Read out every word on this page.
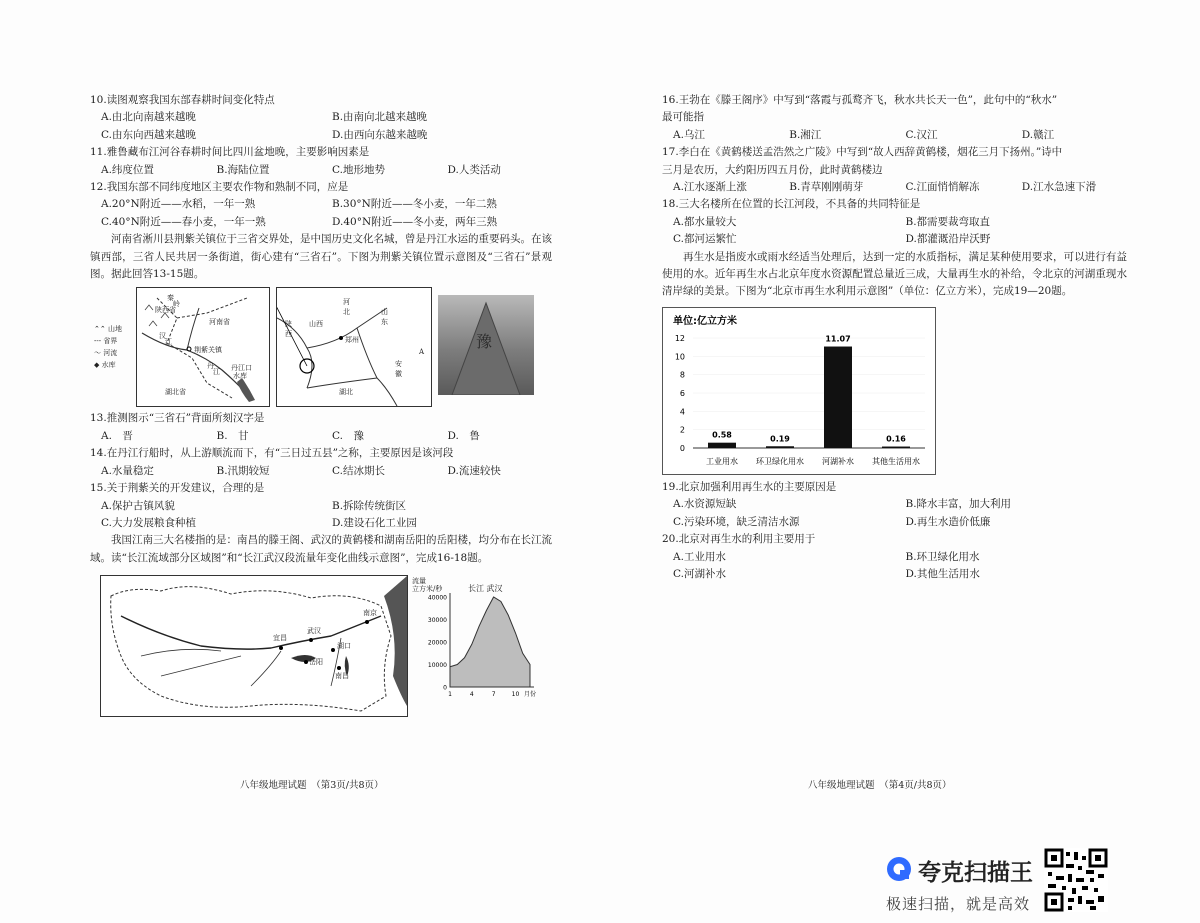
10.读图观察我国东部春耕时间变化特点
A.由北向南越来越晚	B.由南向北越来越晚
C.由东向西越来越晚	D.由西向东越来越晚
11.雅鲁藏布江河谷春耕时间比四川盆地晚，主要影响因素是
A.纬度位置	B.海陆位置	C.地形地势	D.人类活动
12.我国东部不同纬度地区主要农作物和熟制不同，应是
A.20°N附近——水稻，一年一熟	B.30°N附近——冬小麦，一年二熟
C.40°N附近——春小麦，一年一熟	D.40°N附近——冬小麦，两年三熟
河南省淅川县荆紫关镇位于三省交界处，是中国历史文化名城，曾是丹江水运的重要码头。在该镇西部，三省人民共居一条街道，街心建有“三省石”。下图为荆紫关镇位置示意图及“三省石”景观图。据此回答13-15题。
陕西省
河南省
秦
岭
汉
江
荆紫关镇
丹
江 丹江口
水库
湖北省
⌃⌃ 山地
--- 省界
～ 河流
◆ 水库
陕
西
山西
河
北	山
东
郑州
A
安
徽
湖北
豫
13.推测图示“三省石”背面所刻汉字是
A.　晋	B.　甘	C.　豫	D.　鲁
14.在丹江行船时，从上游顺流而下，有“三日过五县”之称，主要原因是该河段
A.水量稳定	B.汛期较短	C.结冰期长	D.流速较快
15.关于荆紫关的开发建议，合理的是
A.保护古镇风貌	B.拆除传统街区
C.大力发展粮食种植	D.建设石化工业园
我国江南三大名楼指的是：南昌的滕王阁、武汉的黄鹤楼和湖南岳阳的岳阳楼，均分布在长江流域。读“长江流域部分区域图”和“长江武汉段流量年变化曲线示意图”，完成16-18题。
宜昌
武汉
岳阳
南京
湖口
南昌
流量
立方米/秒	长江 武汉
0
10000
20000
30000
40000
1	4	7	10 月份
八年级地理试题　（第3页/共8页）
16.王勃在《滕王阁序》中写到“落霞与孤鹜齐飞，秋水共长天一色”，此句中的“秋水”
最可能指
A.乌江	B.湘江	C.汉江	D.赣江
17.李白在《黄鹤楼送孟浩然之广陵》中写到“故人西辞黄鹤楼，烟花三月下扬州。”诗中
三月是农历，大约阳历四五月份，此时黄鹤楼边
A.江水逐渐上涨	B.青草刚刚萌芽	C.江面悄悄解冻	D.江水急速下滑
18.三大名楼所在位置的长江河段，不具备的共同特征是
A.都水量较大	B.都需要裁弯取直
C.都河运繁忙	D.都灌溉沿岸沃野
再生水是指废水或雨水经适当处理后，达到一定的水质指标，满足某种使用要求，可以进行有益使用的水。近年再生水占北京年度水资源配置总量近三成，大量再生水的补给，令北京的河湖重现水清岸绿的美景。下图为“北京市再生水利用示意图”（单位：亿立方米），完成19—20题。
单位:亿立方米
0
2
4
6
8
10
12
0.58
工业用水
0.19
环卫绿化用水
11.07
河湖补水
0.16
其他生活用水
19.北京加强利用再生水的主要原因是
A.水资源短缺	B.降水丰富，加大利用
C.污染环境，缺乏清洁水源	D.再生水造价低廉
20.北京对再生水的利用主要用于
A.工业用水	B.环卫绿化用水
C.河湖补水	D.其他生活用水
八年级地理试题　（第4页/共8页）
夸克扫描王
极速扫描，就是高效
